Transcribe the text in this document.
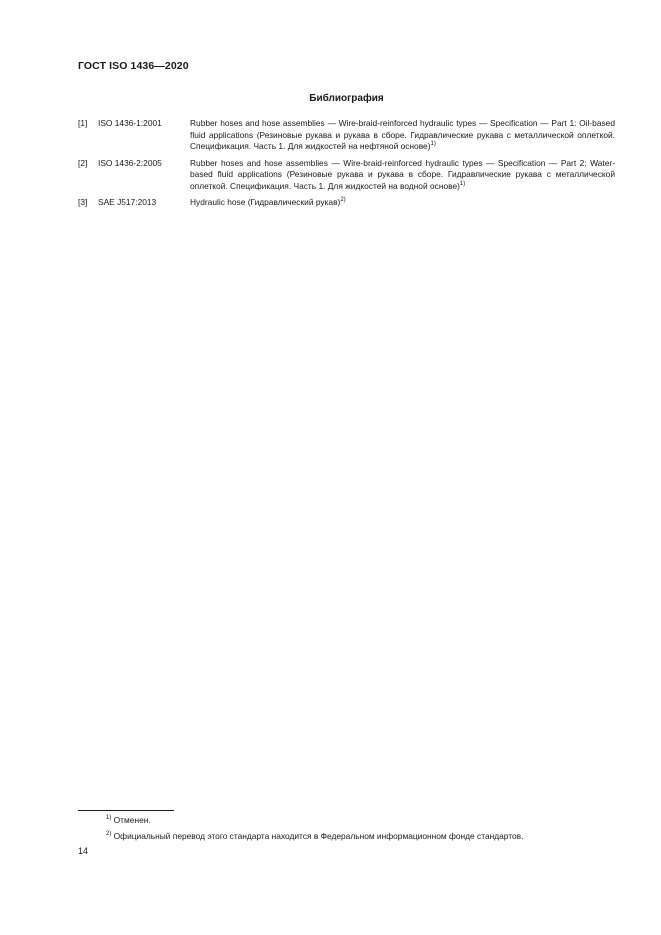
ГОСТ ISO 1436—2020
Библиография
[1]	ISO 1436-1:2001	Rubber hoses and hose assemblies — Wire-braid-reinforced hydraulic types — Specification — Part 1: Oil-based fluid applications (Резиновые рукава и рукава в сборе. Гидравлические рукава с металлической оплеткой. Спецификация. Часть 1. Для жидкостей на нефтяной основе)$^{1)}$
[2]	ISO 1436-2:2005	Rubber hoses and hose assemblies — Wire-braid-reinforced hydraulic types — Specification — Part 2: Water-based fluid applications (Резиновые рукава и рукава в сборе. Гидравлические рукава с металлической оплеткой. Спецификация. Часть 1. Для жидкостей на водной основе)$^{1)}$
[3]	SAE J517:2013	Hydraulic hose (Гидравлический рукав)$^{2)}$
$^{1)}$ Отменен.
$^{2)}$ Официальный перевод этого стандарта находится в Федеральном информационном фонде стандартов.
14
